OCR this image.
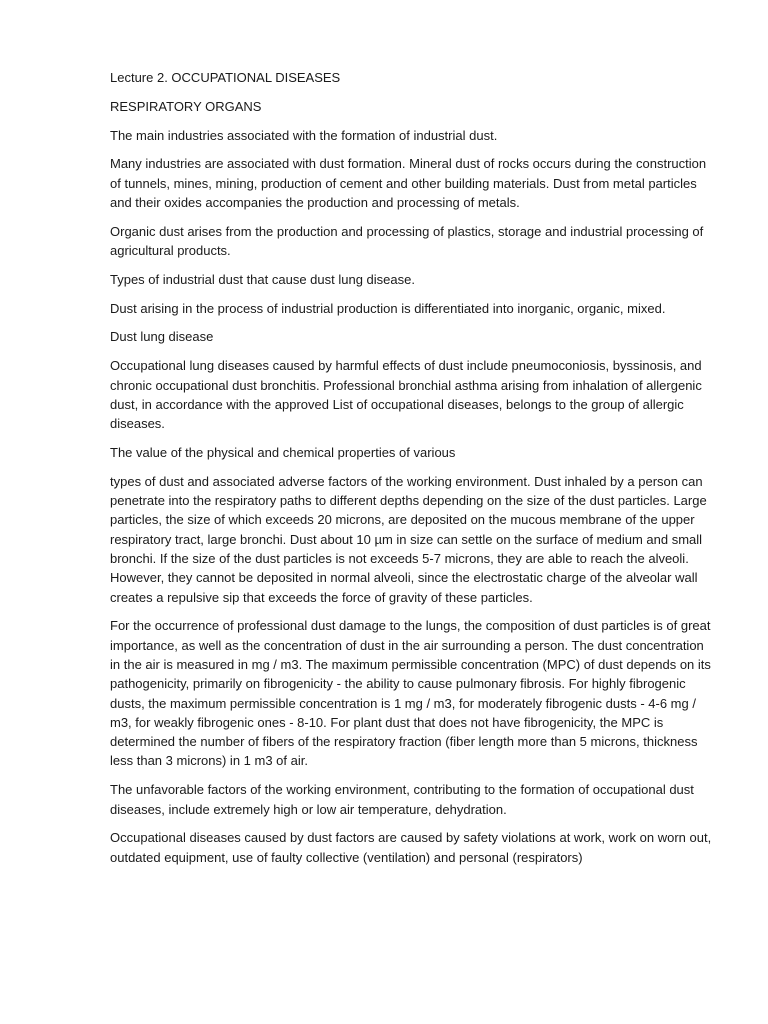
Lecture 2. OCCUPATIONAL DISEASES

RESPIRATORY ORGANS

The main industries associated with the formation of industrial dust.

Many industries are associated with dust formation. Mineral dust of rocks occurs during the construction of tunnels, mines, mining, production of cement and other building materials. Dust from metal particles and their oxides accompanies the production and processing of metals.

Organic dust arises from the production and processing of plastics, storage and industrial processing of agricultural products.

Types of industrial dust that cause dust lung disease.

Dust arising in the process of industrial production is differentiated into inorganic, organic, mixed.

Dust lung disease

Occupational lung diseases caused by harmful effects of dust include pneumoconiosis, byssinosis, and chronic occupational dust bronchitis. Professional bronchial asthma arising from inhalation of allergenic dust, in accordance with the approved List of occupational diseases, belongs to the group of allergic diseases.

The value of the physical and chemical properties of various

types of dust and associated adverse factors of the working environment. Dust inhaled by a person can penetrate into the respiratory paths to different depths depending on the size of the dust particles. Large particles, the size of which exceeds 20 microns, are deposited on the mucous membrane of the upper respiratory tract, large bronchi. Dust about 10 µm in size can settle on the surface of medium and small bronchi. If the size of the dust particles is not exceeds 5-7 microns, they are able to reach the alveoli. However, they cannot be deposited in normal alveoli, since the electrostatic charge of the alveolar wall creates a repulsive sip that exceeds the force of gravity of these particles.

For the occurrence of professional dust damage to the lungs, the composition of dust particles is of great importance, as well as the concentration of dust in the air surrounding a person. The dust concentration in the air is measured in mg / m3. The maximum permissible concentration (MPC) of dust depends on its pathogenicity, primarily on fibrogenicity - the ability to cause pulmonary fibrosis. For highly fibrogenic dusts, the maximum permissible concentration is 1 mg / m3, for moderately fibrogenic dusts - 4-6 mg / m3, for weakly fibrogenic ones - 8-10. For plant dust that does not have fibrogenicity, the MPC is determined the number of fibers of the respiratory fraction (fiber length more than 5 microns, thickness less than 3 microns) in 1 m3 of air.

The unfavorable factors of the working environment, contributing to the formation of occupational dust diseases, include extremely high or low air temperature, dehydration.

Occupational diseases caused by dust factors are caused by safety violations at work, work on worn out, outdated equipment, use of faulty collective (ventilation) and personal (respirators)
